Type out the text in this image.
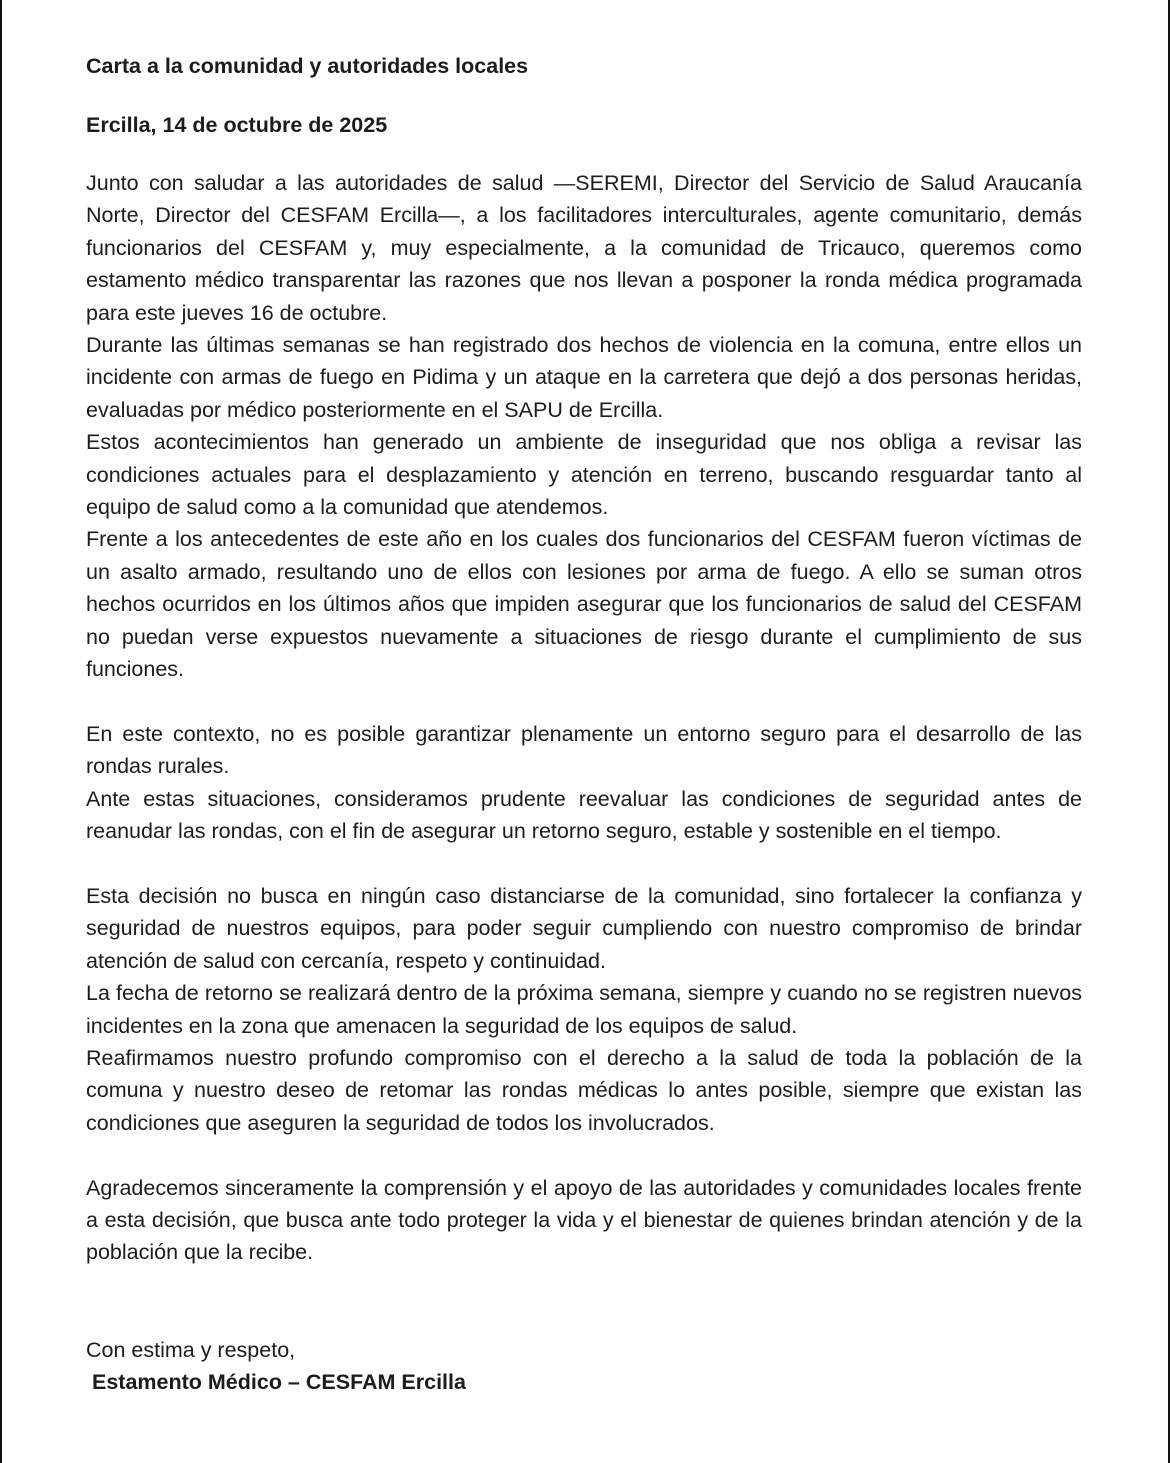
Carta a la comunidad y autoridades locales

Ercilla, 14 de octubre de 2025

Junto con saludar a las autoridades de salud —SEREMI, Director del Servicio de Salud Araucanía Norte, Director del CESFAM Ercilla—, a los facilitadores interculturales, agente comunitario, demás funcionarios del CESFAM y, muy especialmente, a la comunidad de Tricauco, queremos como estamento médico transparentar las razones que nos llevan a posponer la ronda médica programada para este jueves 16 de octubre.

Durante las últimas semanas se han registrado dos hechos de violencia en la comuna, entre ellos un incidente con armas de fuego en Pidima y un ataque en la carretera que dejó a dos personas heridas, evaluadas por médico posteriormente en el SAPU de Ercilla.

Estos acontecimientos han generado un ambiente de inseguridad que nos obliga a revisar las condiciones actuales para el desplazamiento y atención en terreno, buscando resguardar tanto al equipo de salud como a la comunidad que atendemos.

Frente a los antecedentes de este año en los cuales dos funcionarios del CESFAM fueron víctimas de un asalto armado, resultando uno de ellos con lesiones por arma de fuego. A ello se suman otros hechos ocurridos en los últimos años que impiden asegurar que los funcionarios de salud del CESFAM no puedan verse expuestos nuevamente a situaciones de riesgo durante el cumplimiento de sus funciones.

En este contexto, no es posible garantizar plenamente un entorno seguro para el desarrollo de las rondas rurales.

Ante estas situaciones, consideramos prudente reevaluar las condiciones de seguridad antes de reanudar las rondas, con el fin de asegurar un retorno seguro, estable y sostenible en el tiempo.

Esta decisión no busca en ningún caso distanciarse de la comunidad, sino fortalecer la confianza y seguridad de nuestros equipos, para poder seguir cumpliendo con nuestro compromiso de brindar atención de salud con cercanía, respeto y continuidad.

La fecha de retorno se realizará dentro de la próxima semana, siempre y cuando no se registren nuevos incidentes en la zona que amenacen la seguridad de los equipos de salud.

Reafirmamos nuestro profundo compromiso con el derecho a la salud de toda la población de la comuna y nuestro deseo de retomar las rondas médicas lo antes posible, siempre que existan las condiciones que aseguren la seguridad de todos los involucrados.

Agradecemos sinceramente la comprensión y el apoyo de las autoridades y comunidades locales frente a esta decisión, que busca ante todo proteger la vida y el bienestar de quienes brindan atención y de la población que la recibe.

Con estima y respeto,

Estamento Médico – CESFAM Ercilla
